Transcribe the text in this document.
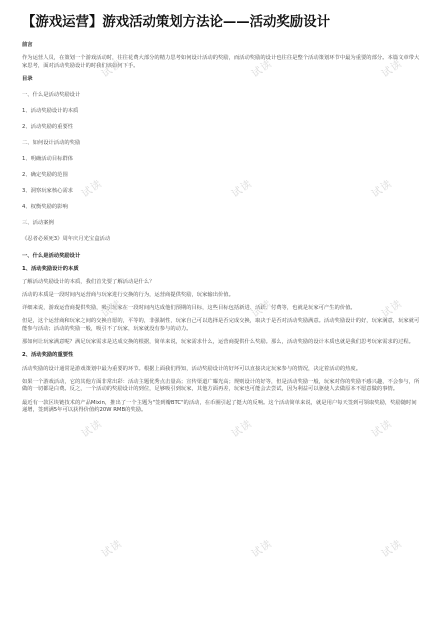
【游戏运营】游戏活动策划方法论——活动奖励设计
前言
作为运营人员，在策划一个游戏活动时，往往花费大部分的精力思考如何设计活动的奖励，而活动奖励的设计也往往是整个活动策划环节中最为重要的部分。本篇文章带大家思考，面对活动奖励设计的时我们该如何下手。
目录
一、什么是活动奖励设计
1、活动奖励设计的本质
2、活动奖励的重要性
二、如何设计活动的奖励
1、明确活动目标群体
2、确定奖励的范围
3、洞察玩家核心需求
4、权衡奖励的影响
三、活动案例
《忍者必须死3》周年庆月光宝盒活动
一、什么是活动奖励设计
1、活动奖励设计的本质
了解活动奖励设计的本质，我们首先要了解活动是什么？
活动的本质是一段时间内运营商与玩家进行交换的行为，运营商提供奖励，玩家输出价值。
详细来说，游戏运营商提供奖励，吸引玩家在一段时间内达成他们预期的目标，这些目标包括新进、活跃、付费等，也就是玩家可产生的价值。
但是，这个运营商和玩家之间的交换自愿的，平等的，非强制性，玩家自己可以选择是否完成交换，取决于是否对活动奖励满意。活动奖励设计的好，玩家满意，玩家就可能参与活动；活动的奖励一般，吸引不了玩家，玩家就没有参与的动力。
那如何让玩家满意呢？满足玩家需求是达成交换的根据，简单来说，玩家需求什么，运营商提供什么奖励。那么，活动奖励的设计本质也就是我们思考玩家需求的过程。
2、活动奖励的重要性
活动奖励的设计通常是游戏策划中最为重要的环节。根据上面我们得知，活动奖励设计的好坏可以直接决定玩家参与的情况，决定着活动的热度。
如果一个游戏活动，它的其他方面非常出彩：活动主题优秀点击量高；宣传渠道广曝光高；规则设计的好等，但是活动奖励一般，玩家对你的奖励不感兴趣，不会参与，所做的一切都是白费。反之，一个活动的奖励设计的到位，足够吸引到玩家，其他方面再差，玩家也可能会去尝试，因为利益可以驱使人去做原本不愿意做的事情。
最近有一款区块链技术的产品Mixin，推出了一个主题为"签到瓣BTC"的活动，在币圈引起了挺大的反响。这个活动简单来说，就是用户每天签到可领取奖励，奖励随时间递增，签到满5年可以获得价值约20W RMB的奖励。
试读	试读	试读
试读	试读	试读
试读	试读	试读
试读	试读	试读
试读	试读	试读
